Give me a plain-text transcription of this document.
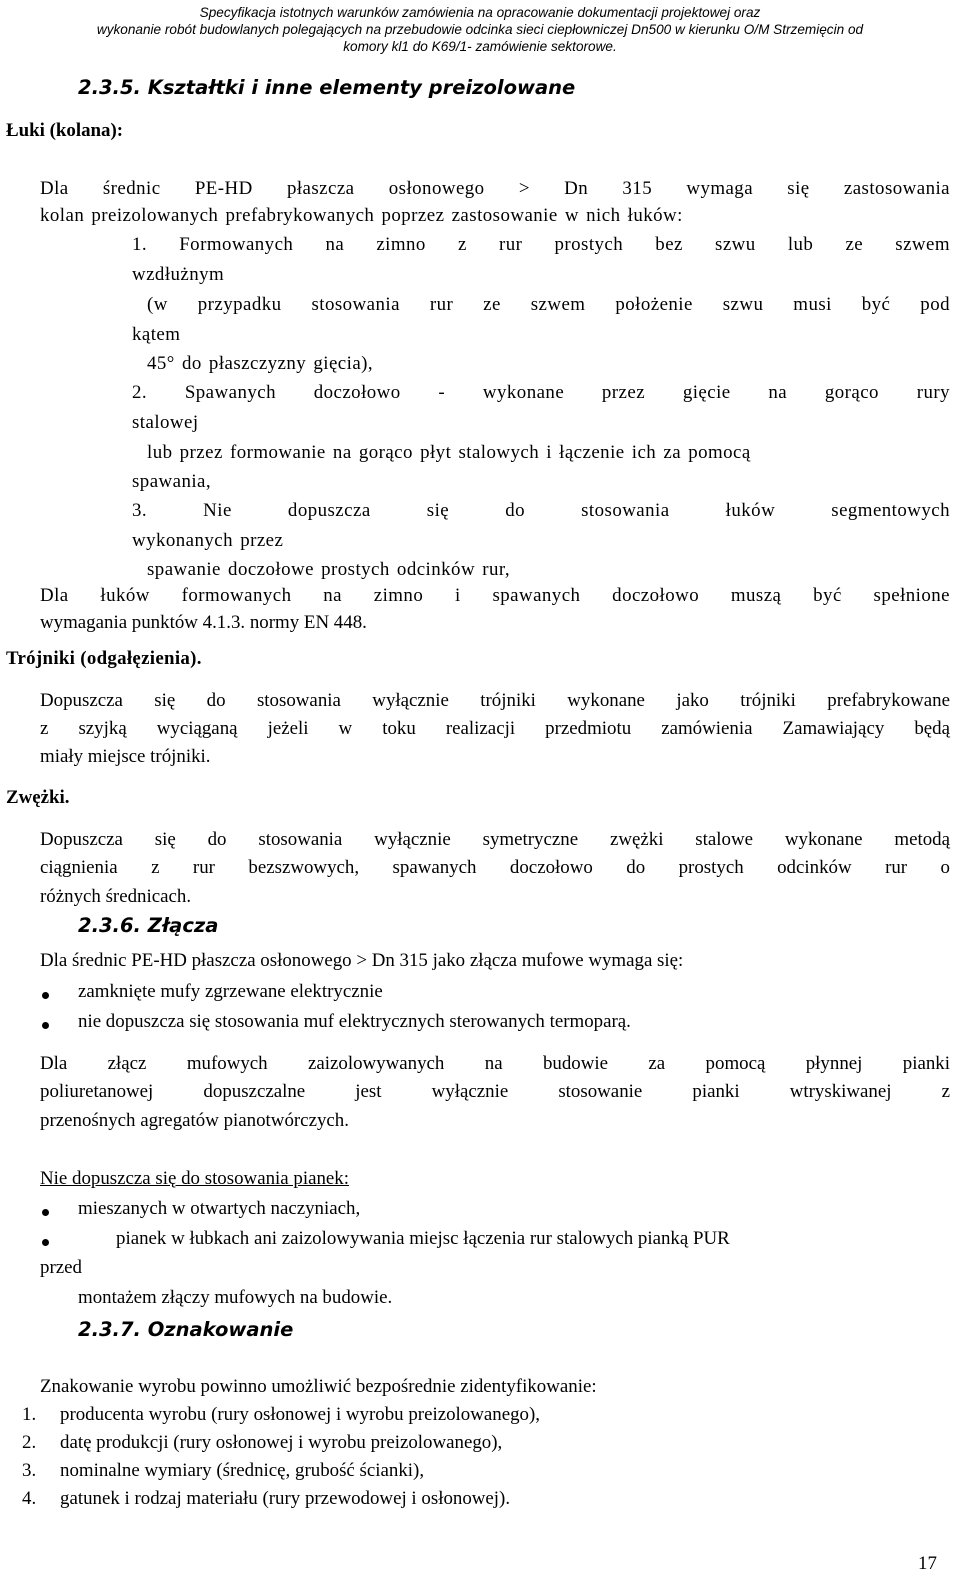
Specyfikacja istotnych warunków zamówienia na opracowanie dokumentacji projektowej oraz
wykonanie robót budowlanych polegających na przebudowie odcinka sieci ciepłowniczej Dn500 w kierunku O/M Strzemięcin od
komory kl1 do K69/1- zamówienie sektorowe.
2.3.5. Kształtki i inne elementy preizolowane
Łuki (kolana):
Dla średnic PE-HD płaszcza osłonowego > Dn 315 wymaga się zastosowania
kolan preizolowanych prefabrykowanych poprzez zastosowanie w nich łuków:
1. Formowanych na zimno z rur prostych bez szwu lub ze szwem
wzdłużnym
(w przypadku stosowania rur ze szwem położenie szwu musi być pod
kątem
45° do płaszczyzny gięcia),
2. Spawanych doczołowo - wykonane przez gięcie na gorąco rury
stalowej
lub przez formowanie na gorąco płyt stalowych i łączenie ich za pomocą
spawania,
3. Nie dopuszcza się do stosowania łuków segmentowych
wykonanych przez
spawanie doczołowe prostych odcinków rur,
Dla łuków formowanych na zimno i spawanych doczołowo muszą być spełnione
wymagania punktów 4.1.3. normy EN 448.
Trójniki (odgałęzienia).
Dopuszcza się do stosowania wyłącznie trójniki wykonane jako trójniki prefabrykowane
z szyjką wyciąganą jeżeli w toku realizacji przedmiotu zamówienia Zamawiający będą
miały miejsce trójniki.
Zwężki.
Dopuszcza się do stosowania wyłącznie symetryczne zwężki stalowe wykonane metodą
ciągnienia z rur bezszwowych, spawanych doczołowo do prostych odcinków rur o
różnych średnicach.
2.3.6. Złącza
Dla średnic PE-HD płaszcza osłonowego > Dn 315 jako złącza mufowe wymaga się:
zamknięte mufy zgrzewane elektrycznie
nie dopuszcza się stosowania muf elektrycznych sterowanych termoparą.
Dla złącz mufowych zaizolowywanych na budowie za pomocą płynnej pianki
poliuretanowej dopuszczalne jest wyłącznie stosowanie pianki wtryskiwanej z
przenośnych agregatów pianotwórczych.
Nie dopuszcza się do stosowania pianek:
mieszanych w otwartych naczyniach,
pianek w łubkach ani zaizolowywania miejsc łączenia rur stalowych pianką PUR
przed
montażem złączy mufowych na budowie.
2.3.7. Oznakowanie
Znakowanie wyrobu powinno umożliwić bezpośrednie zidentyfikowanie:
1. producenta wyrobu (rury osłonowej i wyrobu preizolowanego),
2. datę produkcji (rury osłonowej i wyrobu preizolowanego),
3. nominalne wymiary (średnicę, grubość ścianki),
4. gatunek i rodzaj materiału (rury przewodowej i osłonowej).
17
